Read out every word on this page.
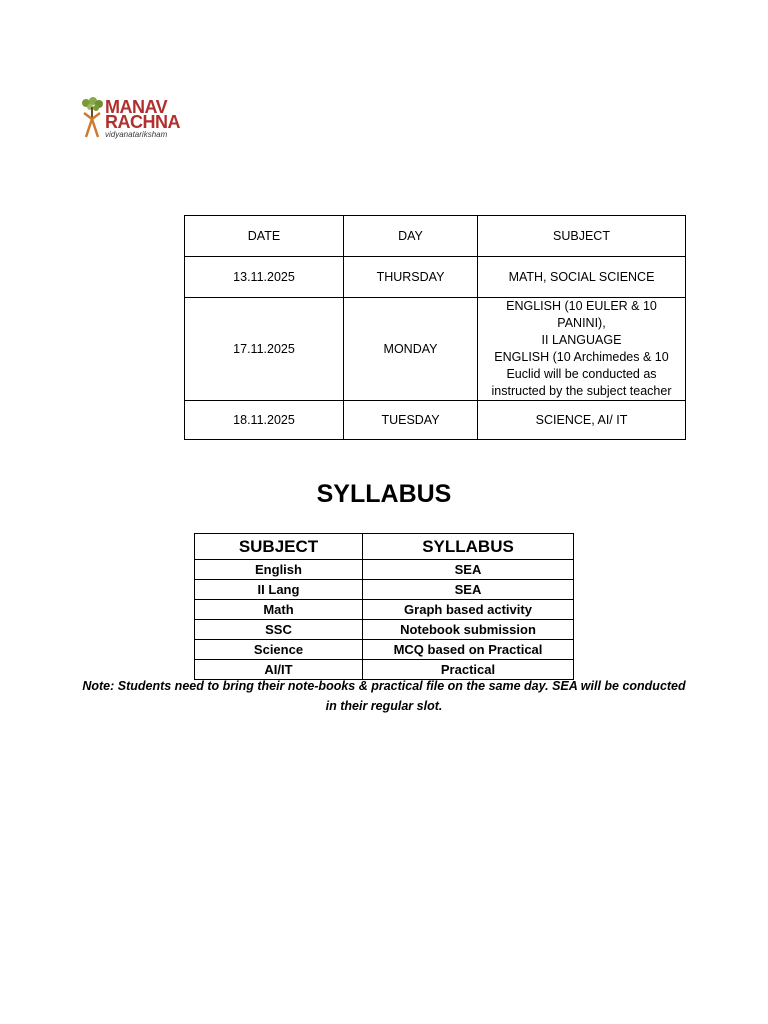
MANAV
RACHNA
vidyanatariksham
DATE	DAY	SUBJECT
13.11.2025	THURSDAY	MATH, SOCIAL SCIENCE
17.11.2025	MONDAY	ENGLISH (10 EULER & 10 PANINI),
II LANGUAGE
ENGLISH (10 Archimedes & 10
Euclid will be conducted as
instructed by the subject teacher

18.11.2025	TUESDAY	SCIENCE, AI/ IT
SYLLABUS
SUBJECT	SYLLABUS
English	SEA
II Lang	SEA
Math	Graph based activity
SSC	Notebook submission
Science	MCQ based on Practical
AI/IT	Practical
Note: Students need to bring their note-books & practical file on the same day. SEA will be conducted
in their regular slot.
